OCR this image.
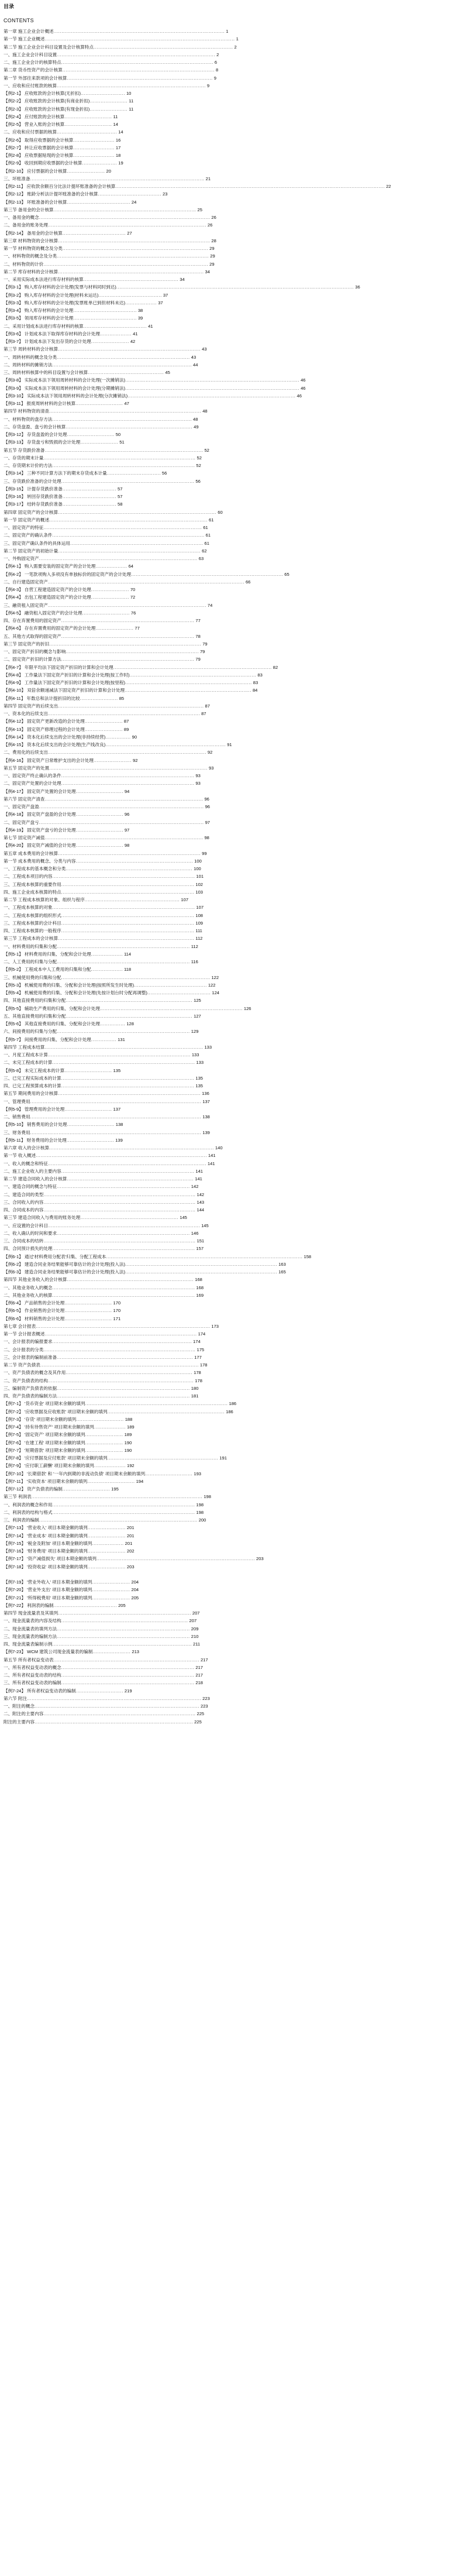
目录
CONTENTS
第一章 施工企业会计概述 ............................................................................................................ 1
第一节 施工企业概述 ........................................................................................................................ 1
第二节 施工企业会计科目设置及会计核算特点 ........................................................................................ 2
一、施工企业会计科目设置 .................................................................................................... 2
二、施工企业会计的核算特点 ................................................................................................ 6
第二章 货币性资产的会计核算 ................................................................................................ 8
第一节 外部往来款项的会计核算 ............................................................................................ 9
一、应收和应付账款的核算 .............................................................................................. 9
【例2-1】 应收账款的会计核算(无折扣) ............................ 10
【例2-2】 应收账款的会计核算(有商业折扣) ........................ 11
【例2-3】 应收账款的会计核算(有现金折扣) ........................ 11
【例2-4】 应付账款的会计核算 .............................. 11
【例2-5】 营业入账的会计核算 .............................. 14
二、应收和应付票据的核算 ...................................... 14
【例2-6】 取得应收票据的会计核算 .......................... 16
【例2-7】 转让应收票据的会计核算 .......................... 17
【例2-8】 应收票据贴现的会计核算 .......................... 18
【例2-9】 收回到期应收票据的会计核算 ...................... 19
【例2-10】 应付票据的会计核算 ........................ 20
三、坏账准备 .............................................................................................................. 21
【例2-11】 应收款余额百分比法计提坏账准备的会计核算 .......................................................................................................................................................................... 22
【例2-12】 账龄分析法计提坏账准备的会计核算 ........................................ 23
【例2-13】 坏账准备的会计核算 ........................................ 24
第三节 备用金的会计核算 .......................................................................................... 25
一、备用金的概念 ............................................................................................................ 26
二、备用金的账务处理 .................................................................................................... 26
【例2-14】 备用金的会计核算 ........................................ 27
第三章 材料物资的会计核算 ................................................................................................ 28
第一节 材料物资的概念及分类 ............................................................................................ 29
一、材料物资的概念及分类 ................................................................................................ 29
二、材料物资的计价 ........................................................................................................ 29
第二节 库存材料的会计核算 ............................................................................................ 34
一、采用实际成本法进行库存材料的核算 ............................................................ 34
【例3-1】 购入库存材料的会计处理(发票与材料同时到达) ...................................................................................................................................................... 36
【例3-2】 购入库存材料的会计处理(材料未运达) ........................................ 37
【例3-3】 购入库存材料的会计处理(发票账单已到但材料未达) .................... 37
【例3-4】 购入库存材料的会计处理 ........................................ 38
【例3-5】 领用库存材料的会计处理 ........................................ 39
二、采用计划成本法进行库存材料的核算 ........................................ 41
【例3-6】 计划成本法下取得库存材料的会计处理 .................... 41
【例3-7】 计划成本法下发出存货的会计处理 ........................ 42
第三节 周转材料的会计核算 .......................................................................................... 43
一、周转材料的概念及分类 .................................................................................... 43
二、周转材料的摊销方法 ........................................................................................ 44
三、周转材料核算中的科目设置与会计核算 ................................................ 45
【例3-8】 实际成本法下领用周转材料的会计处理(一次摊销法) .............................................................................................................. 46
【例3-9】 实际成本法下领用周转材料的会计处理(分期摊销法) .............................................................................................................. 46
【例3-10】 实际成本法下领用周转材料的会计处理(分次摊销法) .......................................................................................................... 46
【例3-11】 报废周转材料的会计核算 .............................. 47
第四节 材料物资的清查 ................................................................................................ 48
一、材料物资的盘存方法 ........................................................................................ 48
二、存货盘盈、盘亏的会计核算 ................................................................................ 49
【例3-12】 存货盘盈的会计处理 .............................. 50
【例3-13】 存货盘亏和毁损的会计处理 ........................ 51
第五节 存货跌价准备 .................................................................................................... 52
一、存货的期末计量 ................................................................................................ 52
二、存货期末计价的方法 .......................................................................................... 52
【例3-14】 三种不同计算方法下的期末存货成本计量 .................................. 56
三、存货跌价准备的会计处理 .................................................................................... 56
【例3-15】 计提存货跌价准备 .................................. 57
【例3-16】 转回存货跌价准备 .................................. 57
【例3-17】 结转存货跌价准备 .................................. 58
第四章 固定资产的会计核算 .................................................................................................... 60
第一节 固定资产的概述 .................................................................................................... 61
一、固定资产的特征 .................................................................................................... 61
二、固定资产的确认条件 ................................................................................................ 61
三、固定资产确认条件的具体运用 .................................................................................... 61
第二节 固定资产的初始计量 .......................................................................................... 62
一、外购固定资产 .................................................................................................... 63
【例4-1】 购入需要安装的固定资产的会计处理 .................... 64
【例4-2】 一笔款项购入多项没有单独标价的固定资产的会计处理 ................................................................................................ 65
二、自行建造固定资产 ............................................................................................................................ 66
【例4-3】 自营工程建造固定资产的会计处理 ........................ 70
【例4-4】 出包工程建造固定资产的会计处理 ........................ 72
三、融资租入固定资产 .................................................................................................... 74
【例4-5】 融资租入固定资产的会计处理 .............................. 76
四、存在弃置费用的固定资产 .................................................................................... 77
【例4-6】 存在弃置费用的固定资产的会计处理 ........................ 77
五、其他方式取得的固定资产 .................................................................................... 78
第三节 固定资产的折旧 ................................................................................................ 79
一、固定资产折旧的概念与影响 .................................................................................... 79
二、固定资产折旧的计算方法 .................................................................................... 79
【例4-7】 年限平均法下固定资产折旧的计算和会计处理 .................................................................................................... 82
【例4-8】 工作量法下固定资产折旧的计算和会计处理(按工作时) ................................................................................ 83
【例4-9】 工作量法下固定资产折旧的计算和会计处理(按里程) ................................................................................ 83
【例4-10】 双倍余额递减法下固定资产折旧的计算和会计处理 ................................................................................ 84
【例4-11】 年数总和法计提折旧的比较 ........................ 85
第四节 固定资产的后续支出 ............................................................................................ 87
一、资本化的后续支出 ................................................................................................ 87
【例4-12】 固定资产更新改造的会计处理 ........................ 87
【例4-13】 固定资产修理过程的会计处理 ........................ 89
【例4-14】 资本化后续支出的会计处理(非持续经营) ................ 90
【例4-15】 资本化后续支出的会计处理(生产线改良) ............................................................................ 91
二、费用化的后续支出 .................................................................................................... 92
【例4-16】 固定资产日常维护支出的会计处理 ........................ 92
第五节 固定资产的处置 .................................................................................................... 93
一、固定资产终止确认的条件 .................................................................................... 93
二、固定资产处置的会计处理 .................................................................................... 93
【例4-17】 固定资产处置的会计处理 .............................. 94
第六节 固定资产清查 .................................................................................................... 96
一、固定资产盘盈 ........................................................................................................ 96
【例4-18】 固定资产盘盈的会计处理 .............................. 96
二、固定资产盘亏 ........................................................................................................ 97
【例4-19】 固定资产盘亏的会计处理 .............................. 97
第七节 固定资产减值 .................................................................................................... 98
【例4-20】 固定资产减值的会计处理 .............................. 98
第五章 成本费用的会计核算 .......................................................................................... 99
第一节 成本费用的概念、分类与内容 .......................................................................... 100
一、工程成本的基本概念和分类 ................................................................................ 100
二、工程成本项目的内容 .......................................................................................... 101
三、工程成本核算的重要作用 .................................................................................... 102
四、施工企业成本核算的特点 .................................................................................... 103
第二节 工程成本核算的对象、组织与程序 ............................................................ 107
一、工程成本核算的对象 .......................................................................................... 107
二、工程成本核算的组织形式 .................................................................................... 108
三、工程成本核算的会计科目 .................................................................................... 109
四、工程成本核算的一般程序 .................................................................................... 111
第三节 工程成本的会计核算 ...................................................................................... 112
一、材料费用的归集和分配 .................................................................................... 112
【例5-1】 材料费用的归集、分配和会计处理 .................... 114
二、人工费用的归集与分配 .................................................................................... 116
【例5-2】 工程成本中人工费用的归集和分配 .................... 118
三、机械使用费的归集和分配 .............................................................................................. 122
【例5-3】 机械使用费的归集、分配和会计处理(按照所发生时处理) .............................................. 122
【例5-4】 机械使用费的归集、分配和会计处理(先按计划台时分配再调整) ........................................ 124
四、其他直接费用的归集和分配 ................................................................................ 125
【例5-5】 辅助生产费用的归集、分配和会计处理 .......................................................................................... 126
五、其他直接费用的归集和分配 ................................................................................ 127
【例5-6】 其他直接费用的归集、分配和会计处理 ................ 128
六、间接费用的归集与分配 .................................................................................... 129
【例5-7】 间接费用的归集、分配和会计处理 ................ 131
第四节 工程成本结算 .................................................................................................... 133
一、月度工程成本计算 .......................................................................................... 133
二、未完工程成本的计算 .......................................................................................... 133
【例5-8】 未完工程成本的计算 .............................. 135
三、已完工程实际成本的计算 .................................................................................... 135
四、已完工程预算成本的计算 .................................................................................... 135
第五节 期间费用的会计核算 .......................................................................................... 136
一、管理费用 ............................................................................................................ 137
【例5-9】 管理费用的会计处理 .............................. 137
二、销售费用 ............................................................................................................ 138
【例5-10】 销售费用的会计处理 .............................. 138
三、财务费用 ............................................................................................................ 139
【例5-11】 财务费用的会计处理 .............................. 139
第六章 收入的会计核算 ........................................................................................................ 140
第一节 收入概述 ............................................................................................................ 141
一、收入的概念和特征 .................................................................................................... 141
二、施工企业收入的主要内容 .................................................................................... 141
第二节 建造合同收入的会计核算 ................................................................................ 141
一、建造合同的概念与特征 .................................................................................... 142
二、建造合同的类型 ................................................................................................ 142
三、合同收入的内容 ................................................................................................ 143
四、合同成本的内容 ................................................................................................ 144
第三节 建造合同收入与费用的账务处理 .............................................................. 145
一、应设置的会计科目 ................................................................................................ 145
二、收入确认的时间和要求 .................................................................................... 146
三、合同成本的结转 ................................................................................................ 151
四、合同预计损失的处理 .......................................................................................... 157
【例6-1】 通过'材料费用分配表'归集、分配工程成本 ............................................................................................................................ 158
【例6-2】 建造合同业务结果能够可靠估计的会计处理(投入法) ................................................................................................ 163
【例6-3】 建造合同业务结果能够可靠估计的会计处理(投入法) ................................................................................................ 165
第四节 其他业务收入的会计核算 ................................................................................ 168
一、其他业务收入的概念 .......................................................................................... 168
二、其他业务收入的核算 .......................................................................................... 169
【例6-4】 产品销售的会计处理 .............................. 170
【例6-5】 作业销售的会计处理 .............................. 170
【例6-6】 材料销售的会计处理 .............................. 171
第七章 会计报表 .............................................................................................................. 173
第一节 会计报表概述 ................................................................................................ 174
一、会计报表的编报要求 ........................................................................................ 174
二、会计报表的分类 ................................................................................................ 175
三、会计报表的编制前准备 ...................................................................................... 177
第二节 资产负债表 .................................................................................................... 178
一、资产负债表的概念及其作用 ................................................................................ 178
二、资产负债表的结构 ............................................................................................ 178
三、编制资产负债表的依据 .................................................................................... 180
四、资产负债表的编制方法 .................................................................................... 181
【例7-1】 '货币资金' 项目期末余额的填列 .......................................................................................... 186
【例7-2】 '应收票据及应收账款' 项目期末余额的填列 .......................................................................... 186
【例7-3】 '存货' 项目期末余额的填列 .............................. 188
【例7-4】 '持有待售资产' 项目期末余额的填列 .................... 189
【例7-5】 '固定资产' 项目期末余额的填列 ........................ 189
【例7-6】 '在建工程' 项目期末余额的填列 ........................ 190
【例7-7】 '短期借款' 项目期末余额的填列 ........................ 190
【例7-8】 '应付票据及应付账款' 项目期末余额的填列 ...................................................................... 191
【例7-9】 '应付职工薪酬' 项目期末余额的填列 .................... 192
【例7-10】 '长期借款' 和 '一年内到期的非流动负债' 项目期末余额的填列 .............................. 193
【例7-11】 '实收资本' 项目期末余额的填列 .............................. 194
【例7-12】 资产负债表的编制 .............................. 195
第三节 利润表 ............................................................................................................ 198
一、利润表的概念和作用 .......................................................................................... 198
二、利润表的结构与格式 .......................................................................................... 198
三、利润表的编制 .................................................................................................... 200
【例7-13】 '营业收入' 项目本期金额的填列 ........................ 201
【例7-14】 '营业成本' 项目本期金额的填列 ........................ 201
【例7-15】 '税金及附加' 项目本期金额的填列 .................... 201
【例7-16】 '财务费用' 项目本期金额的填列 ........................ 202
【例7-17】 '资产减值损失' 项目本期金额的填列 .................................................................................................... 203
【例7-18】 '投资收益' 项目本期金额的填列 ........................ 203
【例7-19】 '营业外收入' 项目本期金额的填列 ........................ 204
【例7-20】 '营业外支出' 项目本期金额的填列 ........................ 204
【例7-21】 '所得税费用' 项目本期金额的填列 ........................ 205
【例7-22】 利润表的编制 ........................................ 205
第四节 现金流量表及其填列 .................................................................................... 207
一、现金流量表的内容及结构 ................................................................................ 207
二、现金流量表的填列方法 .................................................................................... 209
三、现金流量表的编制方法 .................................................................................... 210
四、现金流量表编制示例 ........................................................................................ 211
【例7-23】 WCM 建筑公司现金流量表的编制 ........................ 213
第五节 所有者权益变动表 ............................................................................................ 217
一、所有者权益变动表的概念 .................................................................................... 217
二、所有者权益变动表的结构 .................................................................................... 217
三、所有者权益变动表的编制 .................................................................................... 218
【例7-24】 所有者权益变动表的编制 .............................. 219
第六节 附注 .............................................................................................................. 223
一、附注的概念 ........................................................................................................ 223
二、附注的主要内容 ................................................................................................ 225
附注的主要内容 .................................................................................................... 225
